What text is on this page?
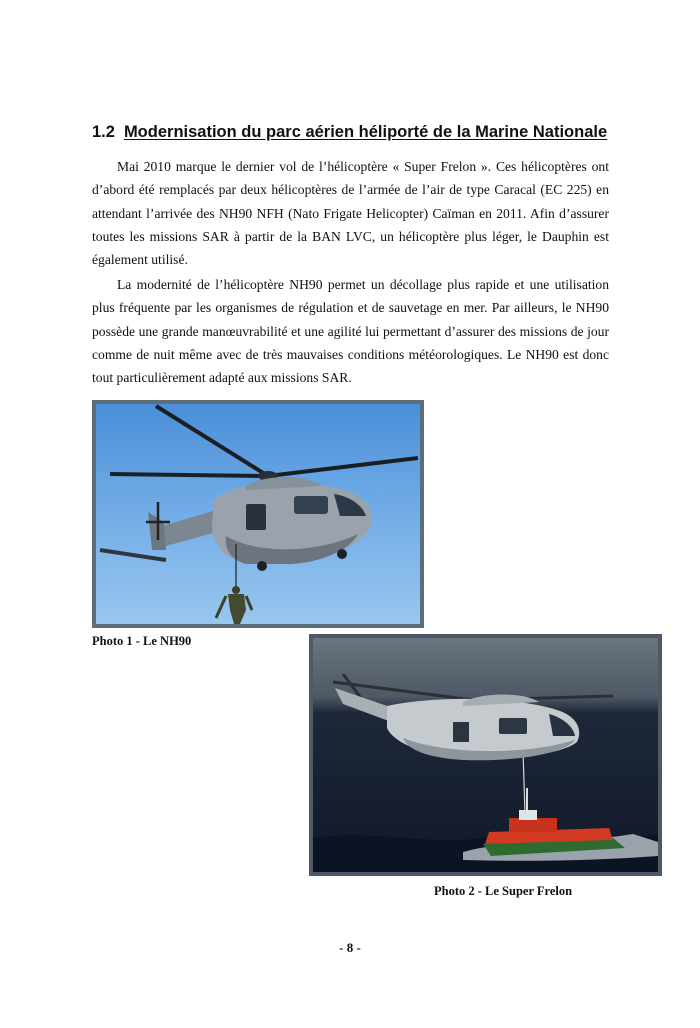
1.2 Modernisation du parc aérien héliporté de la Marine Nationale

Mai 2010 marque le dernier vol de l’hélicoptère « Super Frelon ». Ces hélicoptères ont d’abord été remplacés par deux hélicoptères de l’armée de l’air de type Caracal (EC 225) en attendant l’arrivée des NH90 NFH (Nato Frigate Helicopter) Caïman en 2011. Afin d’assurer toutes les missions SAR à partir de la BAN LVC, un hélicoptère plus léger, le Dauphin est également utilisé.

La modernité de l’hélicoptère NH90 permet un décollage plus rapide et une utilisation plus fréquente par les organismes de régulation et de sauvetage en mer. Par ailleurs, le NH90 possède une grande manœuvrabilité et une agilité lui permettant d’assurer des missions de jour comme de nuit même avec de très mauvaises conditions météorologiques. Le NH90 est donc tout particulièrement adapté aux missions SAR.

Photo 1 - Le NH90
Photo 2 - Le Super Frelon
- 8 -
